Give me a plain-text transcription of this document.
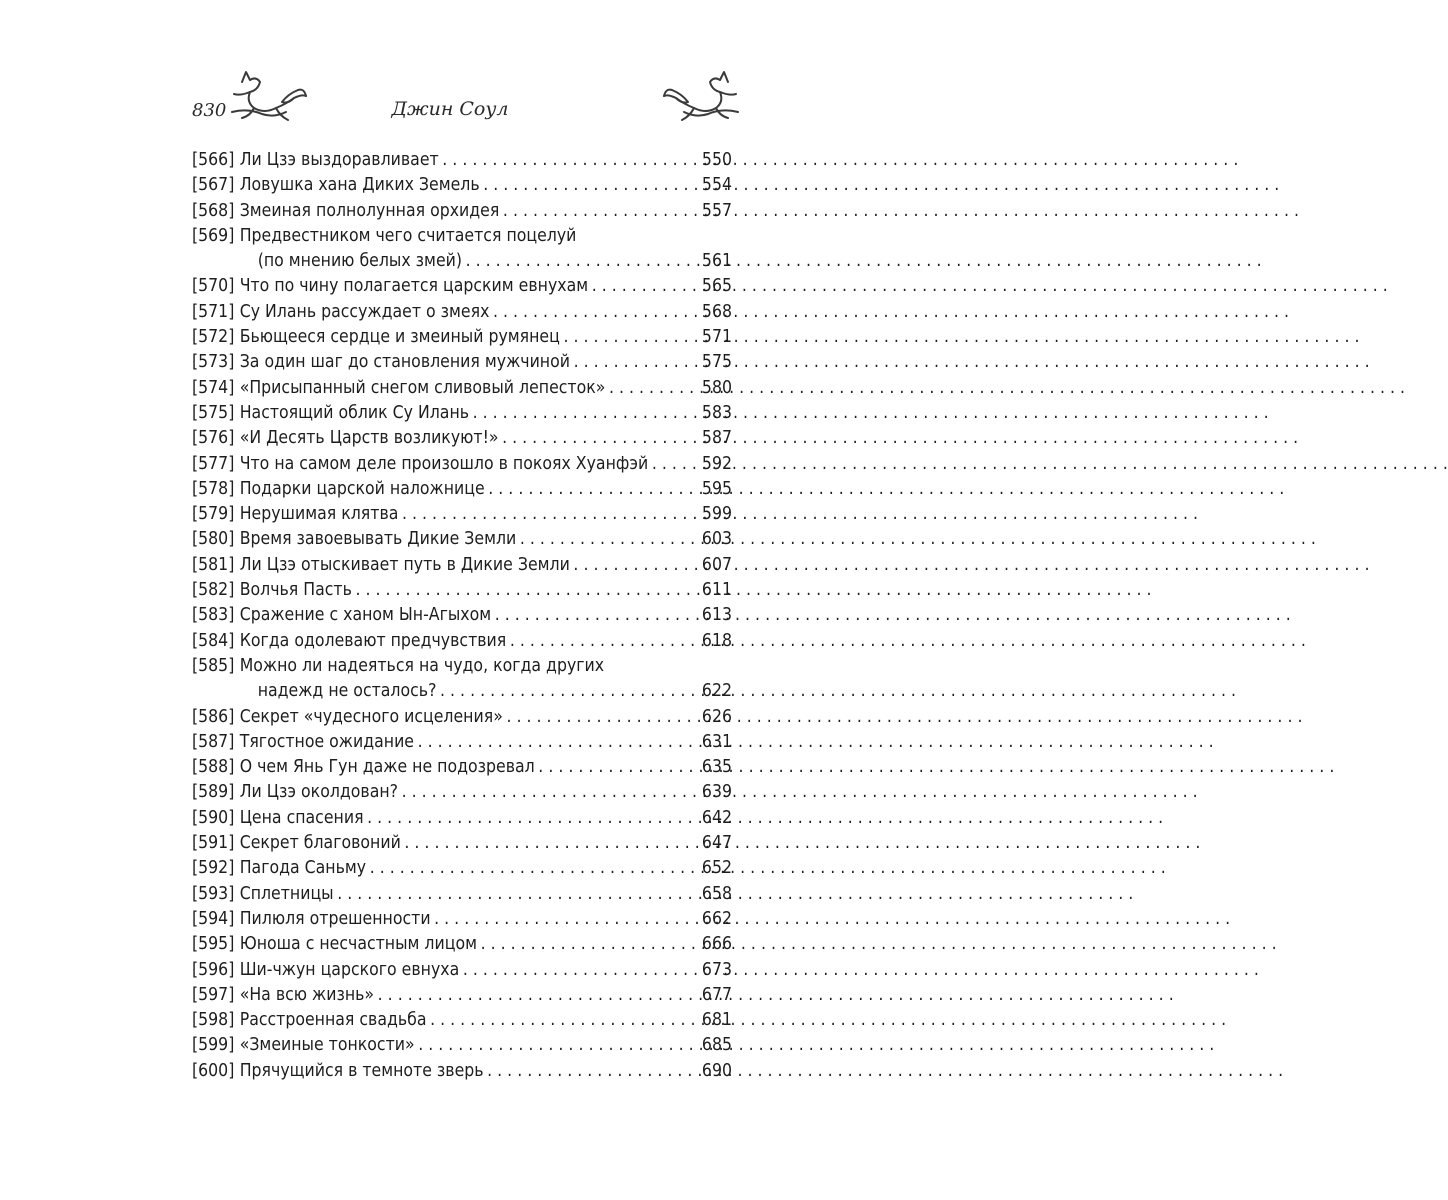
830	Джин Соул
[566] Ли Цзэ выздоравливает . . .	550
[567] Ловушка хана Диких Земель . . .	554
[568] Змеиная полнолунная орхидея . . .	557
[569] Предвестником чего считается поцелуй
(по мнению белых змей) . . .	561
[570] Что по чину полагается царским евнухам . . .	565
[571] Су Илань рассуждает о змеях . . .	568
[572] Бьющееся сердце и змеиный румянец . . .	571
[573] За один шаг до становления мужчиной . . .	575
[574] «Присыпанный снегом сливовый лепесток» . . .	580
[575] Настоящий облик Су Илань . . .	583
[576] «И Десять Царств возликуют!» . . .	587
[577] Что на самом деле произошло в покоях Хуанфэй . . .	592
[578] Подарки царской наложнице . . .	595
[579] Нерушимая клятва . . .	599
[580] Время завоевывать Дикие Земли . . .	603
[581] Ли Цзэ отыскивает путь в Дикие Земли . . .	607
[582] Волчья Пасть . . .	611
[583] Сражение с ханом Ын-Агыхом . . .	613
[584] Когда одолевают предчувствия . . .	618
[585] Можно ли надеяться на чудо, когда других
надежд не осталось? . . .	622
[586] Секрет «чудесного исцеления» . . .	626
[587] Тягостное ожидание . . .	631
[588] О чем Янь Гун даже не подозревал . . .	635
[589] Ли Цзэ околдован? . . .	639
[590] Цена спасения . . .	642
[591] Секрет благовоний . . .	647
[592] Пагода Саньму . . .	652
[593] Сплетницы . . .	658
[594] Пилюля отрешенности . . .	662
[595] Юноша с несчастным лицом . . .	666
[596] Ши-чжун царского евнуха . . .	673
[597] «На всю жизнь» . . .	677
[598] Расстроенная свадьба . . .	681
[599] «Змеиные тонкости» . . .	685
[600] Прячущийся в темноте зверь . . .	690
